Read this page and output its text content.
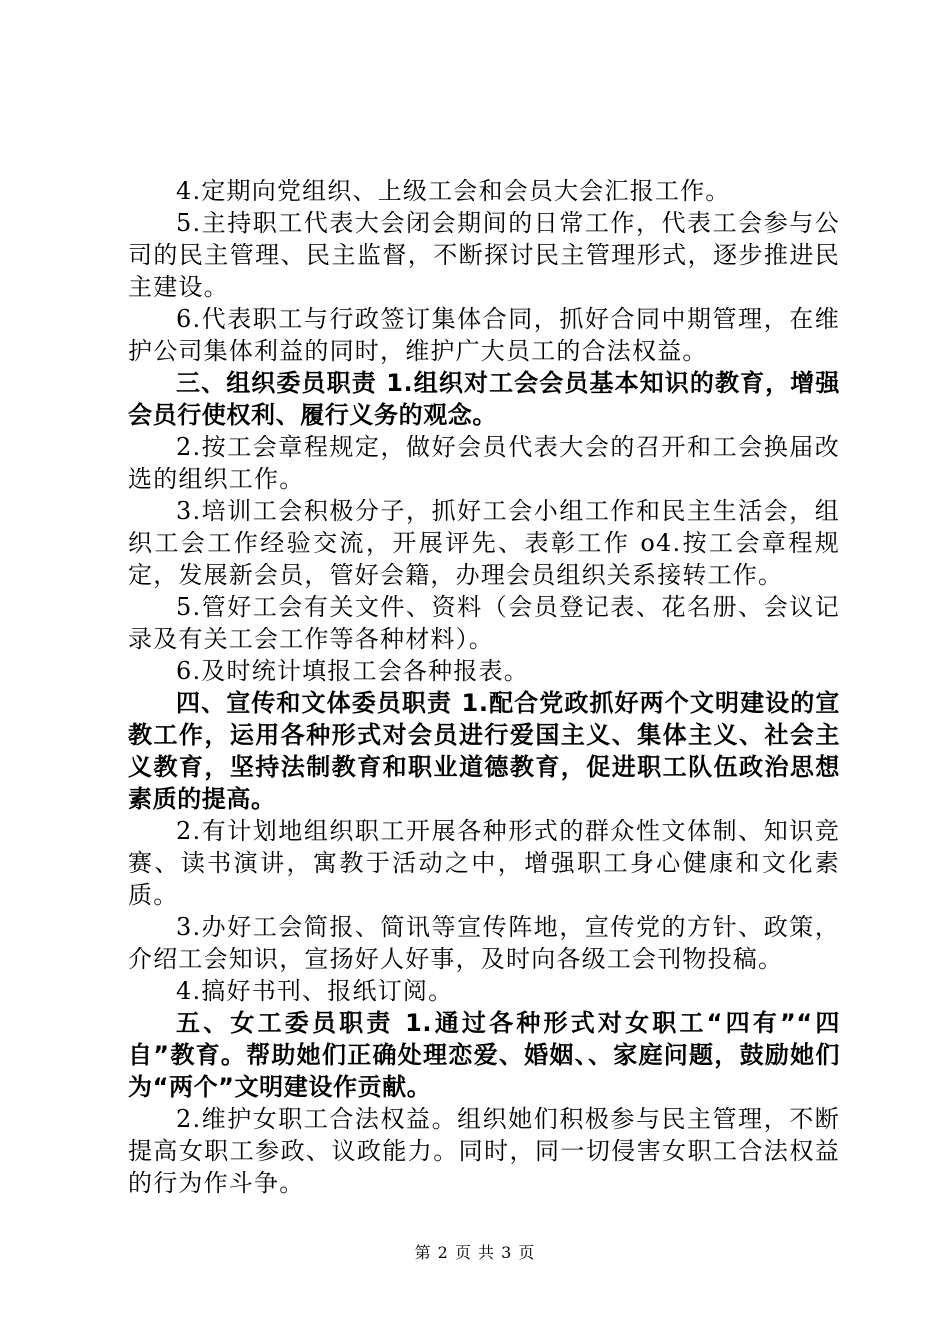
4.定期向党组织、上级工会和会员大会汇报工作。

5.主持职工代表大会闭会期间的日常工作，代表工会参与公司的民主管理、民主监督，不断探讨民主管理形式，逐步推进民主建设。

6.代表职工与行政签订集体合同，抓好合同中期管理，在维护公司集体利益的同时，维护广大员工的合法权益。

三、组织委员职责 1.组织对工会会员基本知识的教育，增强会员行使权利、履行义务的观念。

2.按工会章程规定，做好会员代表大会的召开和工会换届改选的组织工作。

3.培训工会积极分子，抓好工会小组工作和民主生活会，组织工会工作经验交流，开展评先、表彰工作 o4.按工会章程规定，发展新会员，管好会籍，办理会员组织关系接转工作。

5.管好工会有关文件、资料（会员登记表、花名册、会议记录及有关工会工作等各种材料）。

6.及时统计填报工会各种报表。

四、宣传和文体委员职责 1.配合党政抓好两个文明建设的宣教工作，运用各种形式对会员进行爱国主义、集体主义、社会主义教育，坚持法制教育和职业道德教育，促进职工队伍政治思想素质的提高。

2.有计划地组织职工开展各种形式的群众性文体制、知识竞赛、读书演讲，寓教于活动之中，增强职工身心健康和文化素质。

3.办好工会简报、简讯等宣传阵地，宣传党的方针、政策，介绍工会知识，宣扬好人好事，及时向各级工会刊物投稿。

4.搞好书刊、报纸订阅。

五、女工委员职责 1.通过各种形式对女职工“四有”“四自”教育。帮助她们正确处理恋爱、婚姻、、家庭问题，鼓励她们为“两个”文明建设作贡献。

2.维护女职工合法权益。组织她们积极参与民主管理，不断提高女职工参政、议政能力。同时，同一切侵害女职工合法权益的行为作斗争。

第 2 页 共 3 页
